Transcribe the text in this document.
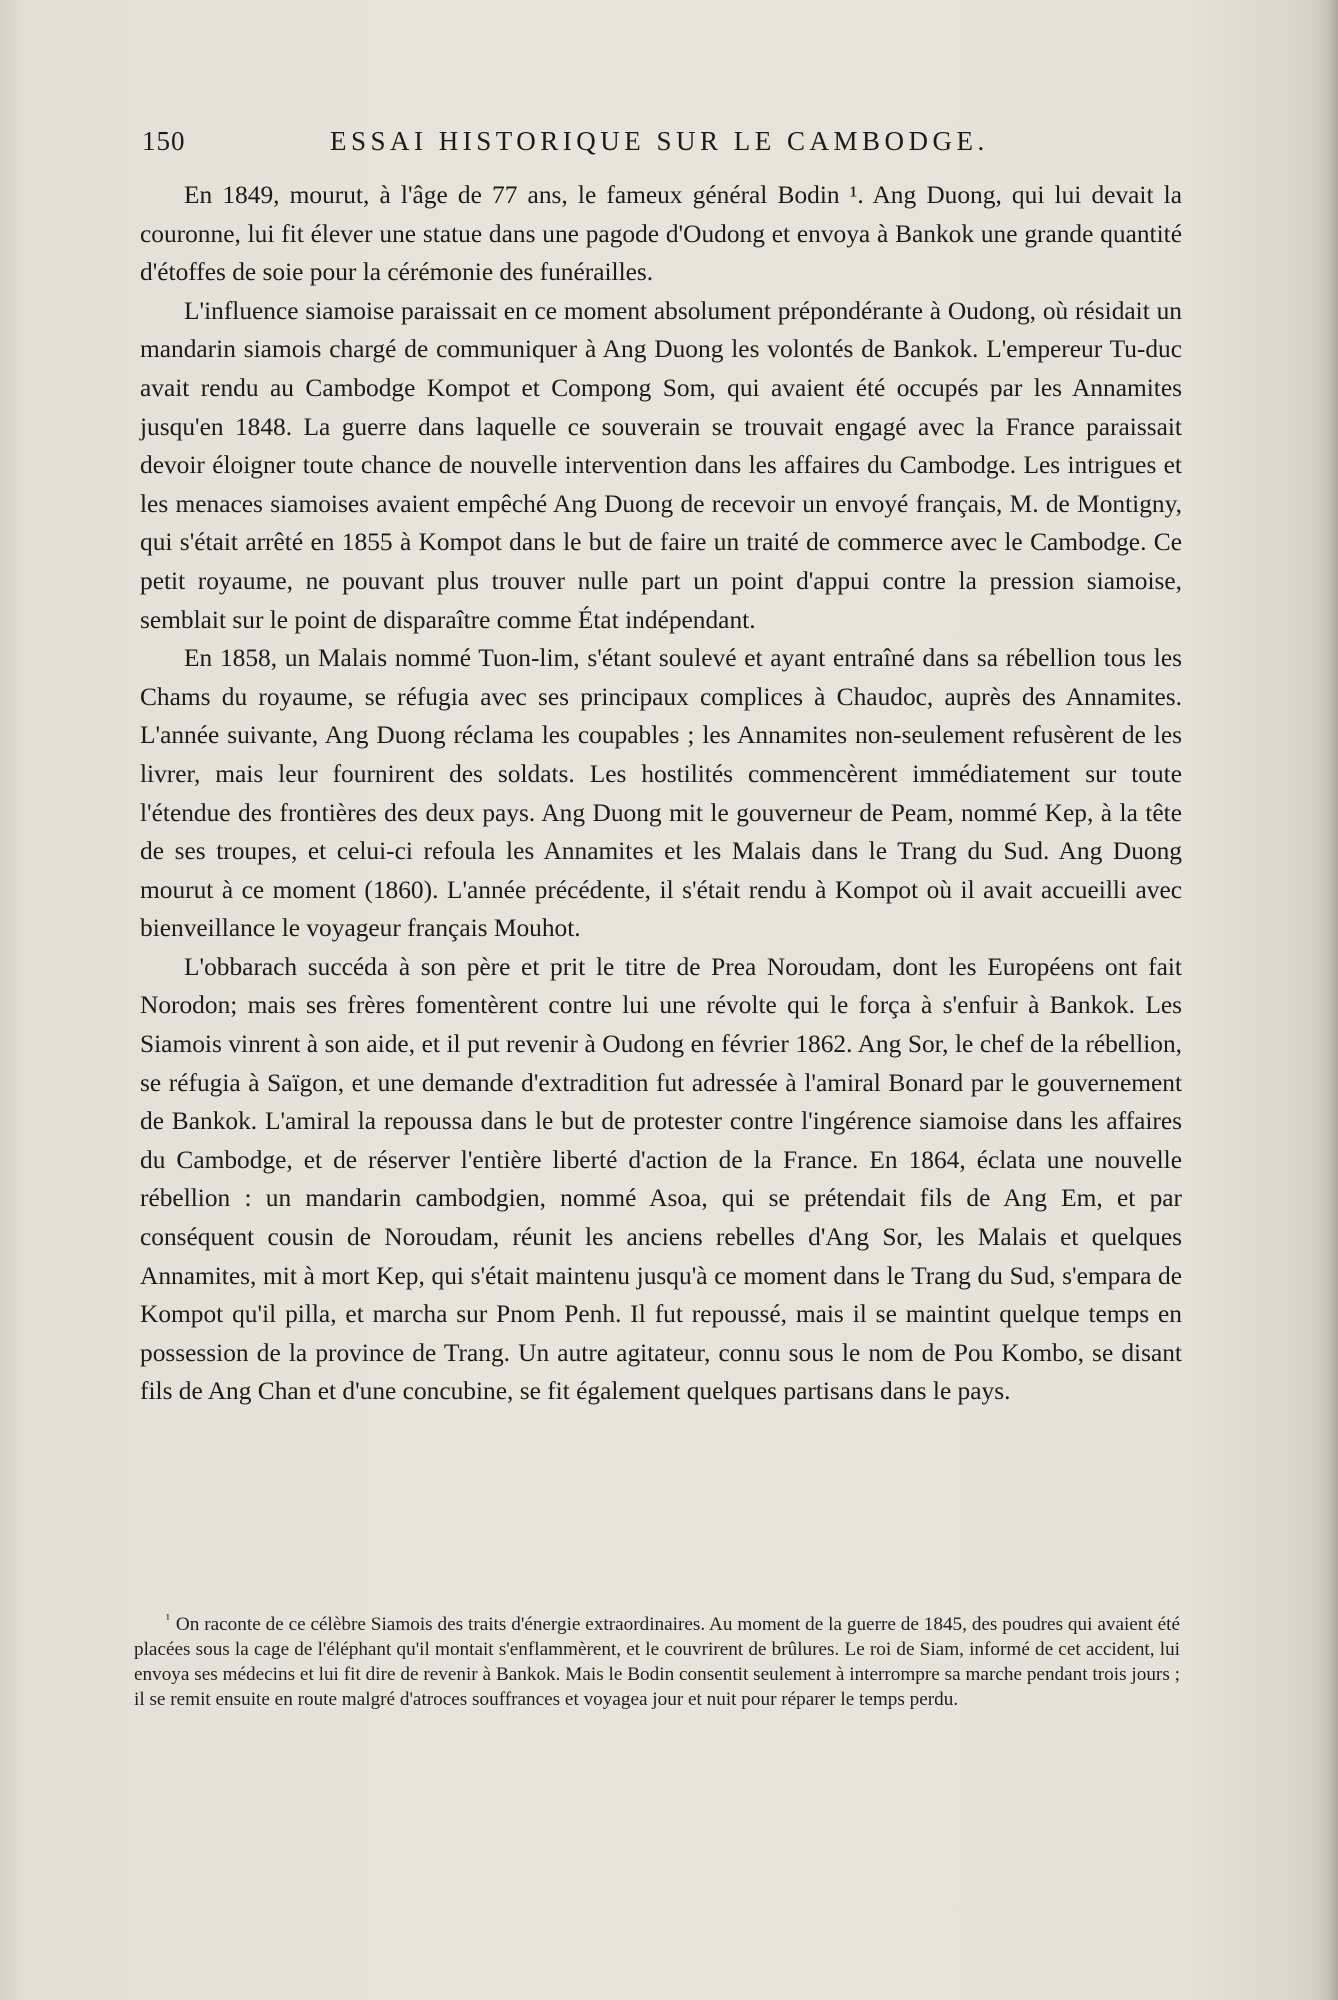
150	ESSAI HISTORIQUE SUR LE CAMBODGE.

En 1849, mourut, à l'âge de 77 ans, le fameux général Bodin ¹. Ang Duong, qui lui devait la couronne, lui fit élever une statue dans une pagode d'Oudong et envoya à Bankok une grande quantité d'étoffes de soie pour la cérémonie des funérailles.

L'influence siamoise paraissait en ce moment absolument prépondérante à Oudong, où résidait un mandarin siamois chargé de communiquer à Ang Duong les volontés de Bankok. L'empereur Tu-duc avait rendu au Cambodge Kompot et Compong Som, qui avaient été occupés par les Annamites jusqu'en 1848. La guerre dans laquelle ce souverain se trouvait engagé avec la France paraissait devoir éloigner toute chance de nouvelle intervention dans les affaires du Cambodge. Les intrigues et les menaces siamoises avaient empêché Ang Duong de recevoir un envoyé français, M. de Montigny, qui s'était arrêté en 1855 à Kompot dans le but de faire un traité de commerce avec le Cambodge. Ce petit royaume, ne pouvant plus trouver nulle part un point d'appui contre la pression siamoise, semblait sur le point de disparaître comme État indépendant.

En 1858, un Malais nommé Tuon-lim, s'étant soulevé et ayant entraîné dans sa rébellion tous les Chams du royaume, se réfugia avec ses principaux complices à Chaudoc, auprès des Annamites. L'année suivante, Ang Duong réclama les coupables ; les Annamites non-seulement refusèrent de les livrer, mais leur fournirent des soldats. Les hostilités commencèrent immédiatement sur toute l'étendue des frontières des deux pays. Ang Duong mit le gouverneur de Peam, nommé Kep, à la tête de ses troupes, et celui-ci refoula les Annamites et les Malais dans le Trang du Sud. Ang Duong mourut à ce moment (1860). L'année précédente, il s'était rendu à Kompot où il avait accueilli avec bienveillance le voyageur français Mouhot.

L'obbarach succéda à son père et prit le titre de Prea Noroudam, dont les Européens ont fait Norodon; mais ses frères fomentèrent contre lui une révolte qui le força à s'enfuir à Bankok. Les Siamois vinrent à son aide, et il put revenir à Oudong en février 1862. Ang Sor, le chef de la rébellion, se réfugia à Saïgon, et une demande d'extradition fut adressée à l'amiral Bonard par le gouvernement de Bankok. L'amiral la repoussa dans le but de protester contre l'ingérence siamoise dans les affaires du Cambodge, et de réserver l'entière liberté d'action de la France. En 1864, éclata une nouvelle rébellion : un mandarin cambodgien, nommé Asoa, qui se prétendait fils de Ang Em, et par conséquent cousin de Noroudam, réunit les anciens rebelles d'Ang Sor, les Malais et quelques Annamites, mit à mort Kep, qui s'était maintenu jusqu'à ce moment dans le Trang du Sud, s'empara de Kompot qu'il pilla, et marcha sur Pnom Penh. Il fut repoussé, mais il se maintint quelque temps en possession de la province de Trang. Un autre agitateur, connu sous le nom de Pou Kombo, se disant fils de Ang Chan et d'une concubine, se fit également quelques partisans dans le pays.

$^{^1}$ On raconte de ce célèbre Siamois des traits d'énergie extraordinaires. Au moment de la guerre de 1845, des poudres qui avaient été placées sous la cage de l'éléphant qu'il montait s'enflammèrent, et le couvrirent de brûlures. Le roi de Siam, informé de cet accident, lui envoya ses médecins et lui fit dire de revenir à Bankok. Mais le Bodin consentit seulement à interrompre sa marche pendant trois jours ; il se remit ensuite en route malgré d'atroces souffrances et voyagea jour et nuit pour réparer le temps perdu.
